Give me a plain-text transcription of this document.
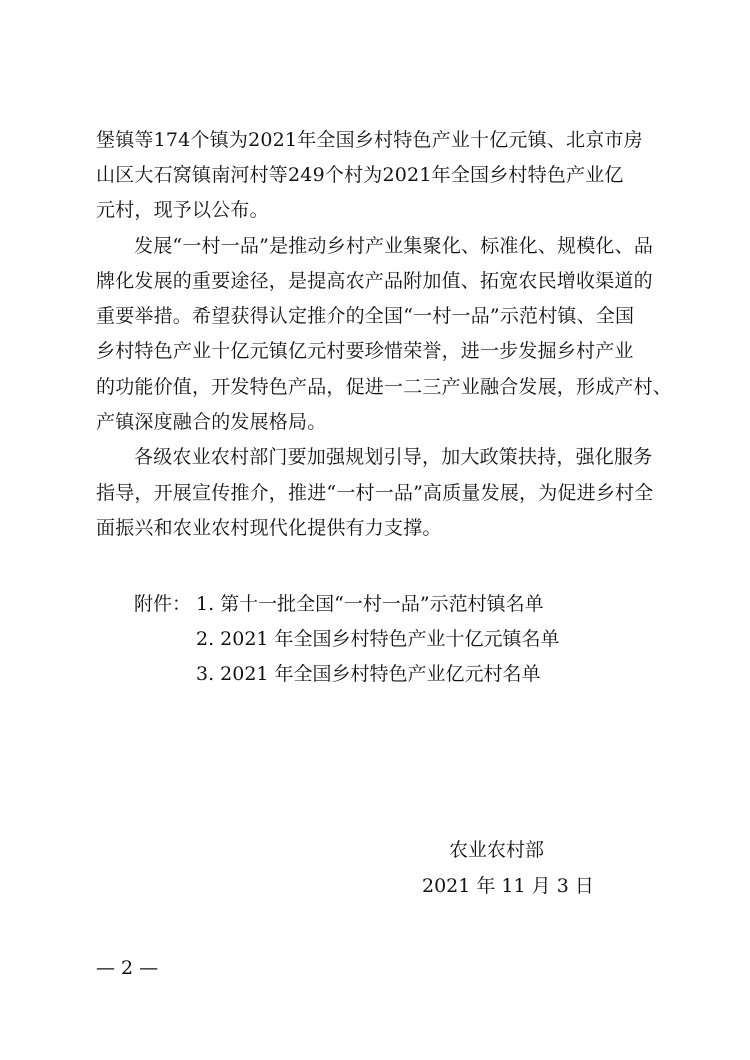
堡镇等174个镇为2021年全国乡村特色产业十亿元镇、北京市房
山区大石窝镇南河村等249个村为2021年全国乡村特色产业亿
元村，现予以公布。
发展“一村一品”是推动乡村产业集聚化、标准化、规模化、品
牌化发展的重要途径，是提高农产品附加值、拓宽农民增收渠道的
重要举措。希望获得认定推介的全国“一村一品”示范村镇、全国
乡村特色产业十亿元镇亿元村要珍惜荣誉，进一步发掘乡村产业
的功能价值，开发特色产品，促进一二三产业融合发展，形成产村、
产镇深度融合的发展格局。
各级农业农村部门要加强规划引导，加大政策扶持，强化服务
指导，开展宣传推介，推进“一村一品”高质量发展，为促进乡村全
面振兴和农业农村现代化提供有力支撑。
附件： 1. 第十一批全国“一村一品”示范村镇名单
2. 2021 年全国乡村特色产业十亿元镇名单
3. 2021 年全国乡村特色产业亿元村名单
农业农村部
2021 年 11 月 3 日
— 2 —
